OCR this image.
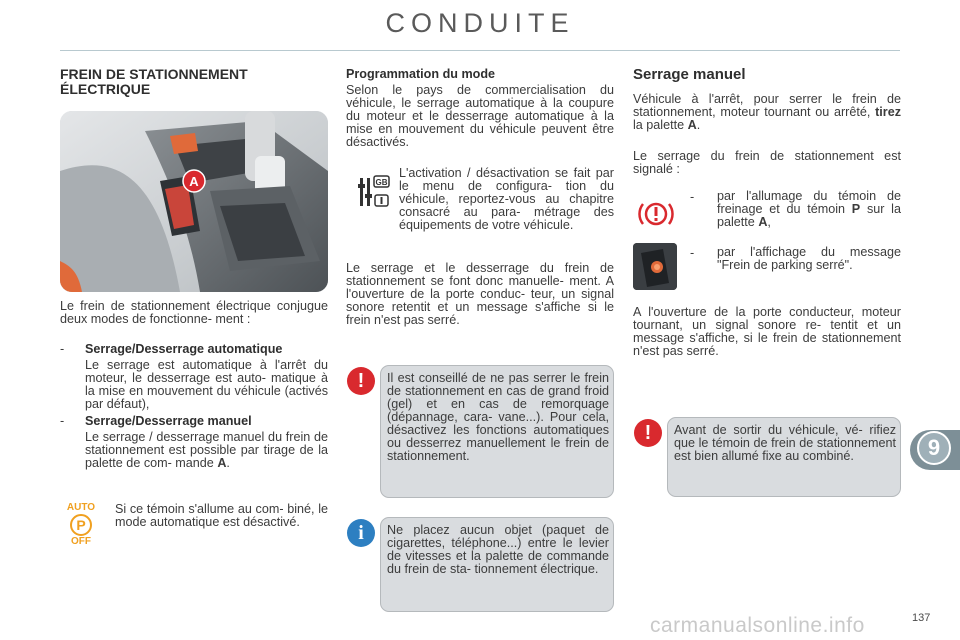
CONDUITE
FREIN DE STATIONNEMENT
ÉLECTRIQUE
A
Le frein de stationnement électrique conjugue deux modes de fonctionne- ment :
- Serrage/Desserrage automatique
Le serrage est automatique à l'arrêt du moteur, le desserrage est auto- matique à la mise en mouvement du véhicule (activés par défaut),
- Serrage/Desserrage manuel
Le serrage / desserrage manuel du frein de stationnement est possible par tirage de la palette de com- mande A.
AUTO
P
OFF
Si ce témoin s'allume au com- biné, le mode automatique est désactivé.
Programmation du mode
Selon le pays de commercialisation du véhicule, le serrage automatique à la coupure du moteur et le desserrage automatique à la mise en mouvement du véhicule peuvent être désactivés.
GB
L'activation / désactivation se fait par le menu de configura- tion du véhicule, reportez-vous au chapitre consacré au para- métrage des équipements de votre véhicule.
Le serrage et le desserrage du frein de stationnement se font donc manuelle- ment. A l'ouverture de la porte conduc- teur, un signal sonore retentit et un message s'affiche si le frein n'est pas serré.
Il est conseillé de ne pas serrer le frein de stationnement en cas de grand froid (gel) et en cas de remorquage (dépannage, cara- vane...). Pour cela, désactivez les fonctions automatiques ou desserrez manuellement le frein de stationnement.
!
Ne placez aucun objet (paquet de cigarettes, téléphone...) entre le levier de vitesses et la palette de commande du frein de sta- tionnement électrique.
i
Serrage manuel
Véhicule à l'arrêt, pour serrer le frein de stationnement, moteur tournant ou arrêté, tirez la palette A.
Le serrage du frein de stationnement est signalé :
- par l'allumage du témoin de freinage et du témoin P sur la palette A,
- par l'affichage du message "Frein de parking serré".
A l'ouverture de la porte conducteur, moteur tournant, un signal sonore re- tentit et un message s'affiche, si le frein de stationnement n'est pas serré.
Avant de sortir du véhicule, vé- rifiez que le témoin de frein de stationnement est bien allumé fixe au combiné.
!
9
carmanualsonline.info	137
